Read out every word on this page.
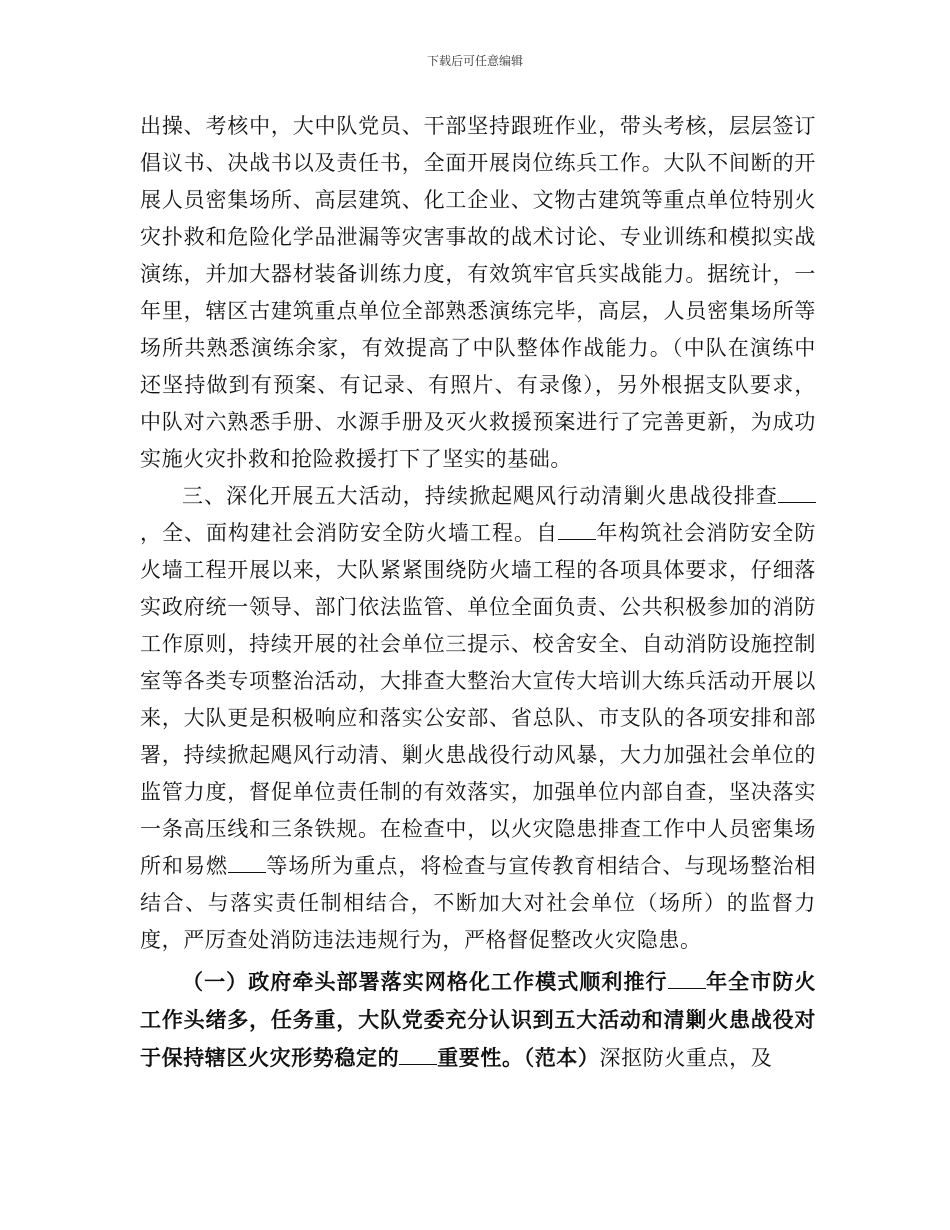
下载后可任意编辑

出操、考核中，大中队党员、干部坚持跟班作业，带头考核，层层签订倡议书、决战书以及责任书，全面开展岗位练兵工作。大队不间断的开展人员密集场所、高层建筑、化工企业、文物古建筑等重点单位特别火灾扑救和危险化学品泄漏等灾害事故的战术讨论、专业训练和模拟实战演练，并加大器材装备训练力度，有效筑牢官兵实战能力。据统计，一年里，辖区古建筑重点单位全部熟悉演练完毕，高层，人员密集场所等场所共熟悉演练余家，有效提高了中队整体作战能力。（中队在演练中还坚持做到有预案、有记录、有照片、有录像），另外根据支队要求，中队对六熟悉手册、水源手册及灭火救援预案进行了完善更新，为成功实施火灾扑救和抢险救援打下了坚实的基础。

三、深化开展五大活动，持续掀起飓风行动清剿火患战役排查，全、面构建社会消防安全防火墙工程。自 年构筑社会消防安全防火墙工程开展以来，大队紧紧围绕防火墙工程的各项具体要求，仔细落实政府统一领导、部门依法监管、单位全面负责、公共积极参加的消防工作原则，持续开展的社会单位三提示、校舍安全、自动消防设施控制室等各类专项整治活动，大排查大整治大宣传大培训大练兵活动开展以来，大队更是积极响应和落实公安部、省总队、市支队的各项安排和部署，持续掀起飓风行动清、剿火患战役行动风暴，大力加强社会单位的监管力度，督促单位责任制的有效落实，加强单位内部自查，坚决落实一条高压线和三条铁规。在检查中，以火灾隐患排查工作中人员密集场所和易燃 等场所为重点，将检查与宣传教育相结合、与现场整治相结合、与落实责任制相结合，不断加大对社会单位（场所）的监督力度，严厉查处消防违法违规行为，严格督促整改火灾隐患。

（一）政府牵头部署落实网格化工作模式顺利推行 年全市防火工作头绪多，任务重，大队党委充分认识到五大活动和清剿火患战役对于保持辖区火灾形势稳定的 重要性。（范本）深抠防火重点，及
